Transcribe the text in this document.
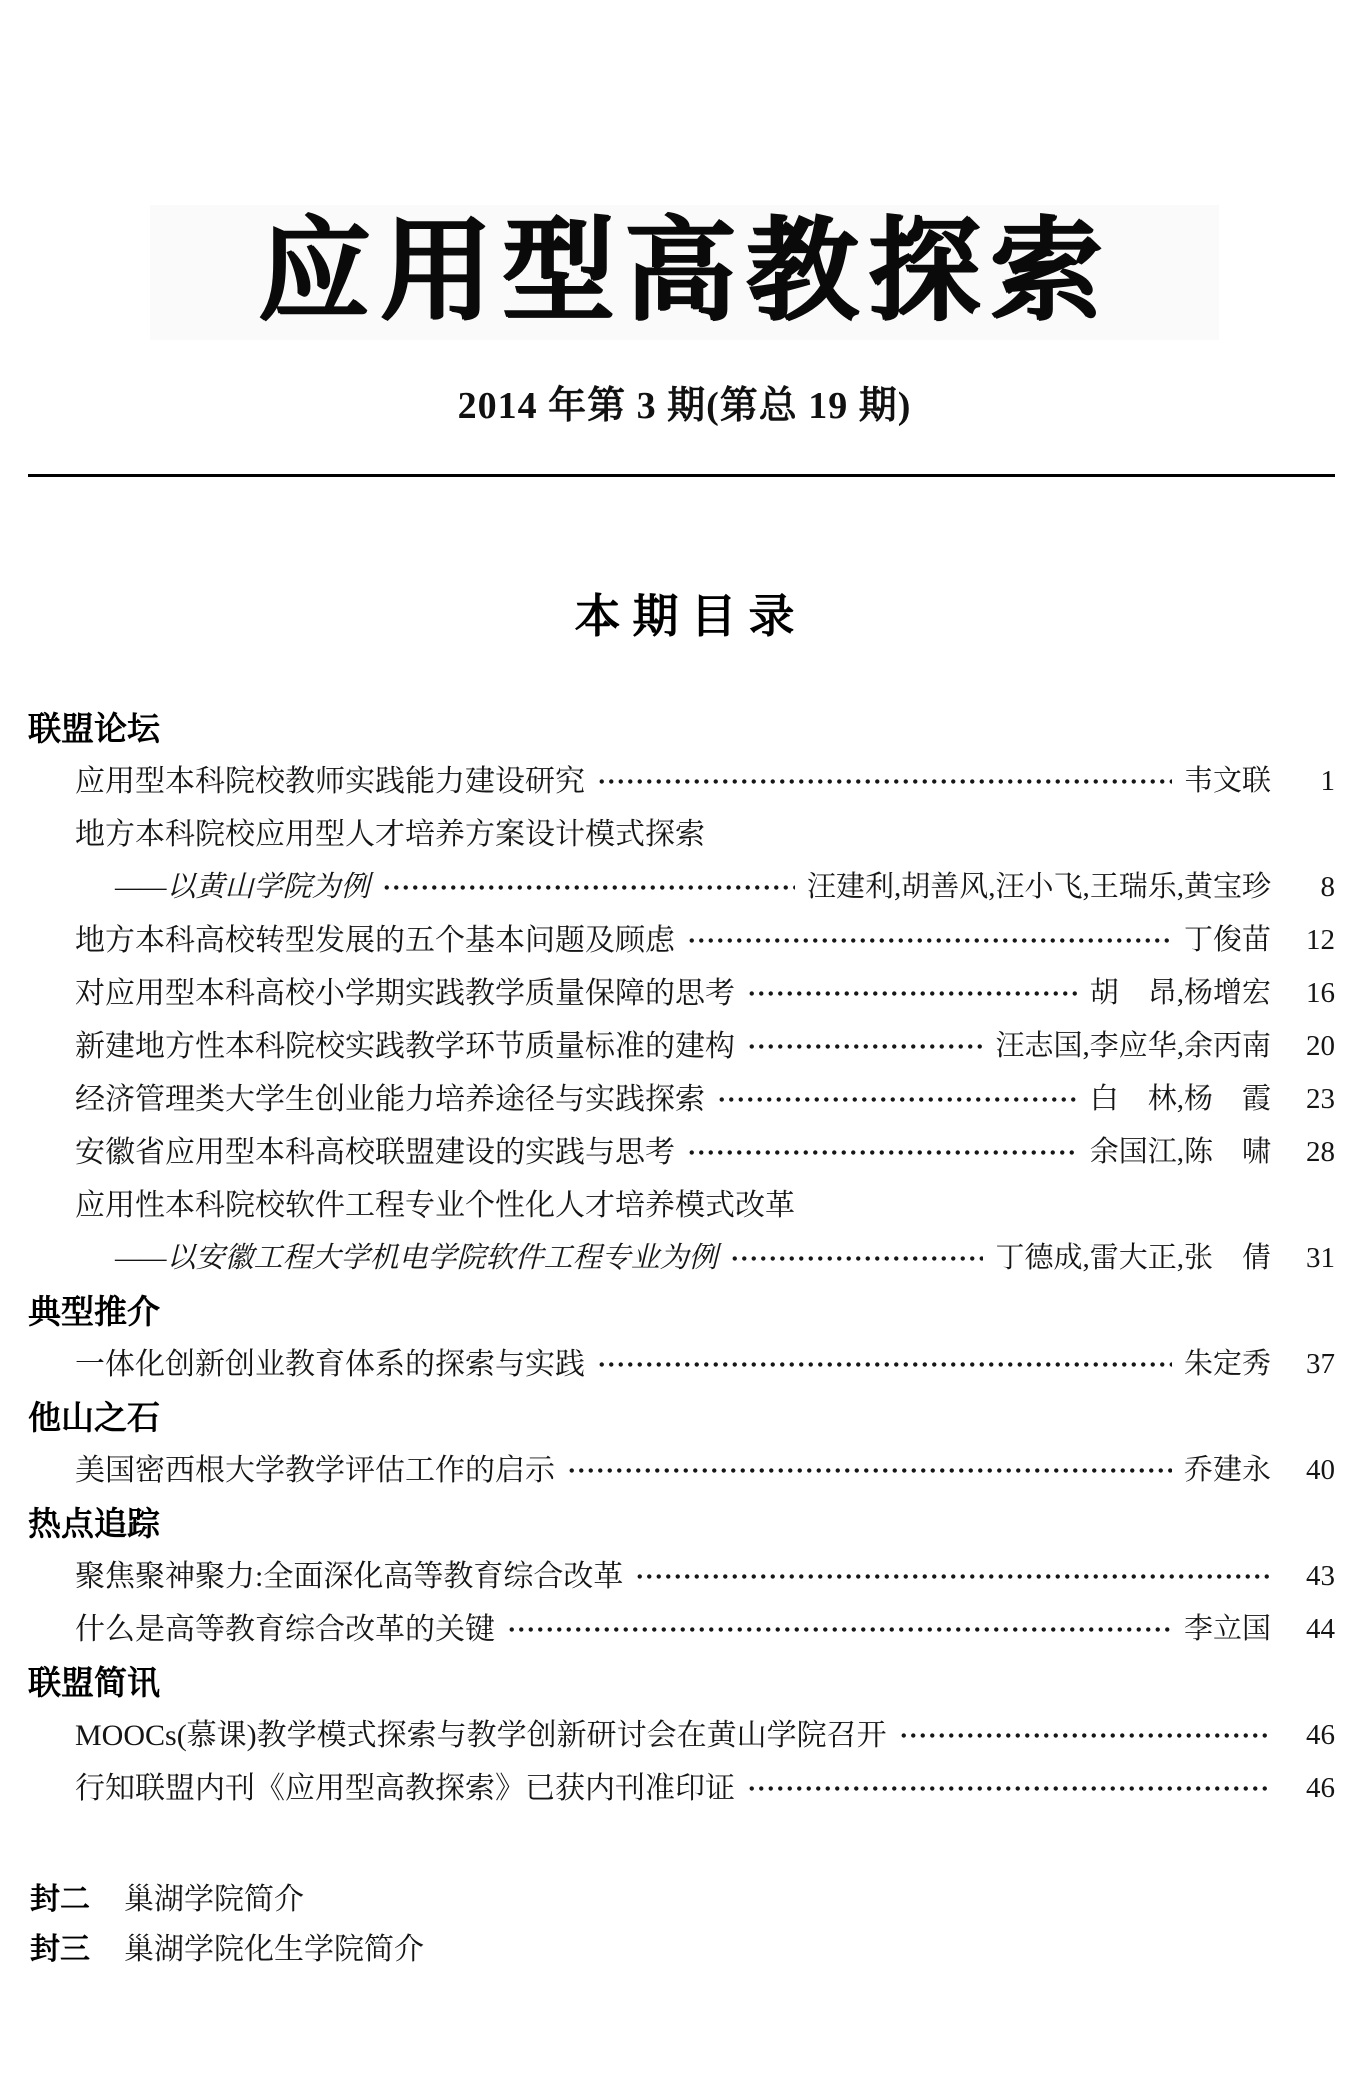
应用型高教探索
2014 年第 3 期(第总 19 期)
本期目录
联盟论坛
应用型本科院校教师实践能力建设研究	韦文联	1
地方本科院校应用型人才培养方案设计模式探索
——以黄山学院为例	汪建利,胡善风,汪小飞,王瑞乐,黄宝珍	8
地方本科高校转型发展的五个基本问题及顾虑	丁俊苗	12
对应用型本科高校小学期实践教学质量保障的思考	胡　昂,杨增宏	16
新建地方性本科院校实践教学环节质量标准的建构	汪志国,李应华,余丙南	20
经济管理类大学生创业能力培养途径与实践探索	白　林,杨　霞	23
安徽省应用型本科高校联盟建设的实践与思考	余国江,陈　啸	28
应用性本科院校软件工程专业个性化人才培养模式改革
——以安徽工程大学机电学院软件工程专业为例	丁德成,雷大正,张　倩	31
典型推介
一体化创新创业教育体系的探索与实践	朱定秀	37
他山之石
美国密西根大学教学评估工作的启示	乔建永	40
热点追踪
聚焦聚神聚力:全面深化高等教育综合改革	43
什么是高等教育综合改革的关键	李立国	44
联盟简讯
MOOCs(慕课)教学模式探索与教学创新研讨会在黄山学院召开	46
行知联盟内刊《应用型高教探索》已获内刊准印证	46
封二 巢湖学院简介
封三 巢湖学院化生学院简介
